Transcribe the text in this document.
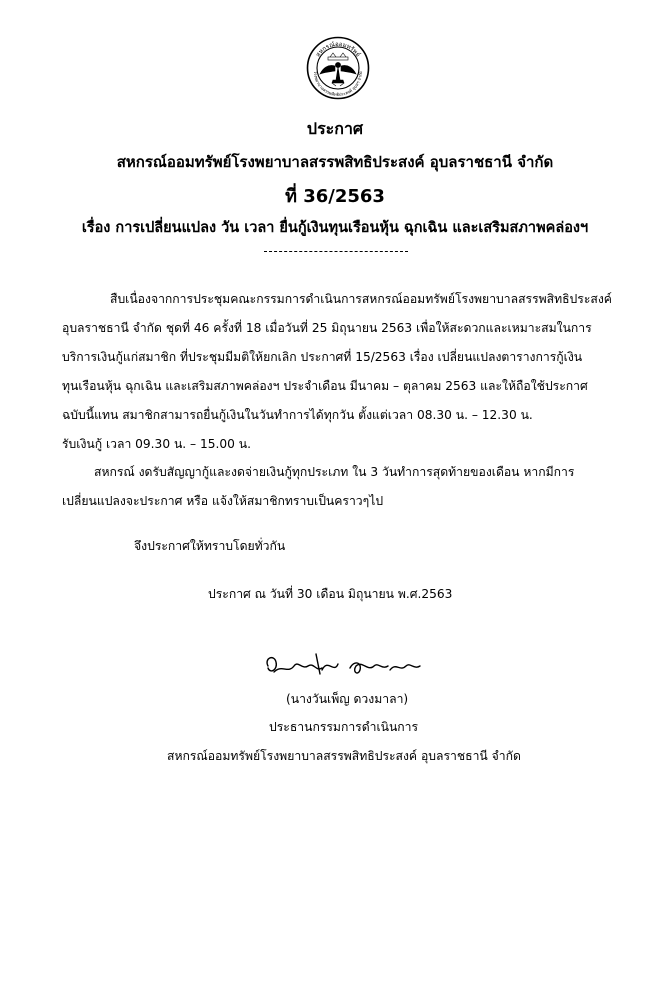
สหกรณ์ออมทรัพย์
โรงพยาบาลสรรพสิทธิประสงค์ อุบลฯ จำกัด
ประกาศ
สหกรณ์ออมทรัพย์โรงพยาบาลสรรพสิทธิประสงค์ อุบลราชธานี จำกัด
ที่ 36/2563
เรื่อง การเปลี่ยนแปลง วัน เวลา ยื่นกู้เงินทุนเรือนหุ้น ฉุกเฉิน และเสริมสภาพคล่องฯ
สืบเนื่องจากการประชุมคณะกรรมการดำเนินการสหกรณ์ออมทรัพย์โรงพยาบาลสรรพสิทธิประสงค์
อุบลราชธานี จำกัด ชุดที่ 46 ครั้งที่ 18 เมื่อวันที่ 25 มิถุนายน 2563 เพื่อให้สะดวกและเหมาะสมในการ
บริการเงินกู้แก่สมาชิก ที่ประชุมมีมติให้ยกเลิก ประกาศที่ 15/2563 เรื่อง เปลี่ยนแปลงตารางการกู้เงิน
ทุนเรือนหุ้น ฉุกเฉิน และเสริมสภาพคล่องฯ ประจำเดือน มีนาคม – ตุลาคม 2563 และให้ถือใช้ประกาศ
ฉบับนี้แทน สมาชิกสามารถยื่นกู้เงินในวันทำการได้ทุกวัน ตั้งแต่เวลา 08.30 น. – 12.30 น.
รับเงินกู้ เวลา 09.30 น. – 15.00 น.
สหกรณ์ งดรับสัญญากู้และงดจ่ายเงินกู้ทุกประเภท ใน 3 วันทำการสุดท้ายของเดือน หากมีการ
เปลี่ยนแปลงจะประกาศ หรือ แจ้งให้สมาชิกทราบเป็นคราวๆไป
จึงประกาศให้ทราบโดยทั่วกัน
ประกาศ ณ วันที่ 30 เดือน มิถุนายน พ.ศ.2563
(นางวันเพ็ญ ดวงมาลา)
ประธานกรรมการดำเนินการ
สหกรณ์ออมทรัพย์โรงพยาบาลสรรพสิทธิประสงค์ อุบลราชธานี จำกัด
